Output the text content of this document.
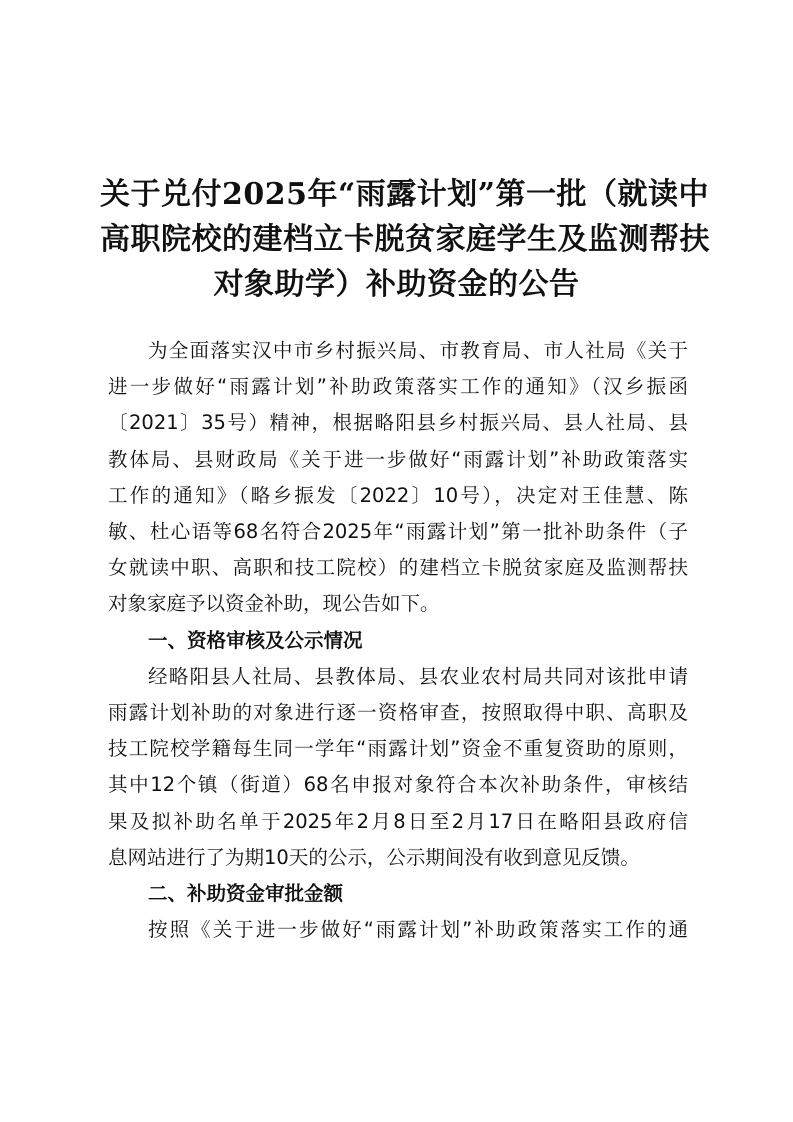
关于兑付2025年“雨露计划”第一批（就读中
高职院校的建档立卡脱贫家庭学生及监测帮扶
对象助学）补助资金的公告
为全面落实汉中市乡村振兴局、市教育局、市人社局《关于
进一步做好“雨露计划”补助政策落实工作的通知》（汉乡振函
〔2021〕35号）精神，根据略阳县乡村振兴局、县人社局、县
教体局、县财政局《关于进一步做好“雨露计划”补助政策落实
工作的通知》（略乡振发〔2022〕10号），决定对王佳慧、陈
敏、杜心语等68名符合2025年“雨露计划”第一批补助条件（子
女就读中职、高职和技工院校）的建档立卡脱贫家庭及监测帮扶
对象家庭予以资金补助，现公告如下。
一、资格审核及公示情况
经略阳县人社局、县教体局、县农业农村局共同对该批申请
雨露计划补助的对象进行逐一资格审查，按照取得中职、高职及
技工院校学籍每生同一学年“雨露计划”资金不重复资助的原则，
其中12个镇（街道）68名申报对象符合本次补助条件，审核结
果及拟补助名单于2025年2月8日至2月17日在略阳县政府信
息网站进行了为期10天的公示，公示期间没有收到意见反馈。
二、补助资金审批金额
按照《关于进一步做好“雨露计划”补助政策落实工作的通
